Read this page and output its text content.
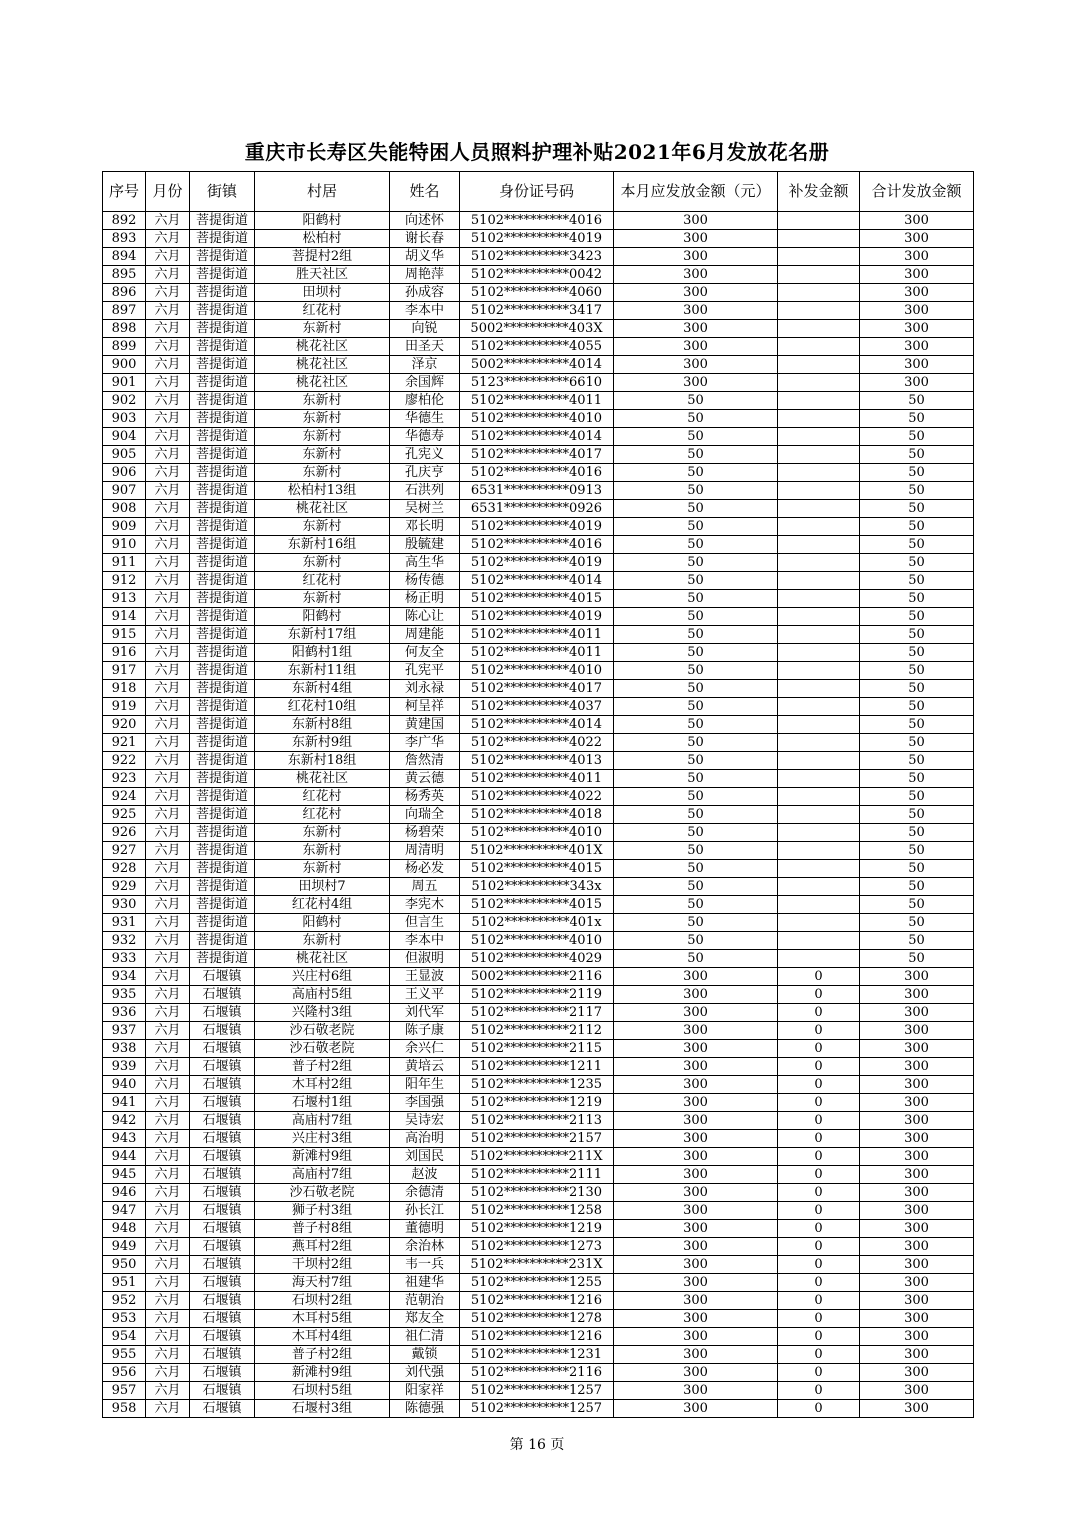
重庆市长寿区失能特困人员照料护理补贴2021年6月发放花名册
序号	月份	街镇	村居	姓名	身份证号码	本月应发放金额（元）	补发金额	合计发放金额
892	六月	菩提街道	阳鹤村	向述怀	5102**********4016	300		300
893	六月	菩提街道	松柏村	谢长春	5102**********4019	300		300
894	六月	菩提街道	菩提村2组	胡义华	5102**********3423	300		300
895	六月	菩提街道	胜天社区	周艳萍	5102**********0042	300		300
896	六月	菩提街道	田坝村	孙成容	5102**********4060	300		300
897	六月	菩提街道	红花村	李本中	5102**********3417	300		300
898	六月	菩提街道	东新村	向锐	5002**********403X	300		300
899	六月	菩提街道	桃花社区	田圣天	5102**********4055	300		300
900	六月	菩提街道	桃花社区	泽京	5002**********4014	300		300
901	六月	菩提街道	桃花社区	余国辉	5123**********6610	300		300
902	六月	菩提街道	东新村	廖柏伦	5102**********4011	50		50
903	六月	菩提街道	东新村	华德生	5102**********4010	50		50
904	六月	菩提街道	东新村	华德寿	5102**********4014	50		50
905	六月	菩提街道	东新村	孔宪义	5102**********4017	50		50
906	六月	菩提街道	东新村	孔庆亨	5102**********4016	50		50
907	六月	菩提街道	松柏村13组	石洪列	6531**********0913	50		50
908	六月	菩提街道	桃花社区	吴树兰	6531**********0926	50		50
909	六月	菩提街道	东新村	邓长明	5102**********4019	50		50
910	六月	菩提街道	东新村16组	殷毓建	5102**********4016	50		50
911	六月	菩提街道	东新村	高生华	5102**********4019	50		50
912	六月	菩提街道	红花村	杨传德	5102**********4014	50		50
913	六月	菩提街道	东新村	杨正明	5102**********4015	50		50
914	六月	菩提街道	阳鹤村	陈心让	5102**********4019	50		50
915	六月	菩提街道	东新村17组	周建能	5102**********4011	50		50
916	六月	菩提街道	阳鹤村1组	何友全	5102**********4011	50		50
917	六月	菩提街道	东新村11组	孔宪平	5102**********4010	50		50
918	六月	菩提街道	东新村4组	刘永禄	5102**********4017	50		50
919	六月	菩提街道	红花村10组	柯呈祥	5102**********4037	50		50
920	六月	菩提街道	东新村8组	黄建国	5102**********4014	50		50
921	六月	菩提街道	东新村9组	李广华	5102**********4022	50		50
922	六月	菩提街道	东新村18组	詹然清	5102**********4013	50		50
923	六月	菩提街道	桃花社区	黄云德	5102**********4011	50		50
924	六月	菩提街道	红花村	杨秀英	5102**********4022	50		50
925	六月	菩提街道	红花村	向瑞全	5102**********4018	50		50
926	六月	菩提街道	东新村	杨碧荣	5102**********4010	50		50
927	六月	菩提街道	东新村	周清明	5102**********401X	50		50
928	六月	菩提街道	东新村	杨必发	5102**********4015	50		50
929	六月	菩提街道	田坝村7	周五	5102**********343x	50		50
930	六月	菩提街道	红花村4组	李宪木	5102**********4015	50		50
931	六月	菩提街道	阳鹤村	但言生	5102**********401x	50		50
932	六月	菩提街道	东新村	李本中	5102**********4010	50		50
933	六月	菩提街道	桃花社区	但淑明	5102**********4029	50		50
934	六月	石堰镇	兴庄村6组	王显波	5002**********2116	300	0	300
935	六月	石堰镇	高庙村5组	王义平	5102**********2119	300	0	300
936	六月	石堰镇	兴隆村3组	刘代军	5102**********2117	300	0	300
937	六月	石堰镇	沙石敬老院	陈子康	5102**********2112	300	0	300
938	六月	石堰镇	沙石敬老院	余兴仁	5102**********2115	300	0	300
939	六月	石堰镇	普子村2组	黄培云	5102**********1211	300	0	300
940	六月	石堰镇	木耳村2组	阳年生	5102**********1235	300	0	300
941	六月	石堰镇	石堰村1组	李国强	5102**********1219	300	0	300
942	六月	石堰镇	高庙村7组	吴诗宏	5102**********2113	300	0	300
943	六月	石堰镇	兴庄村3组	高治明	5102**********2157	300	0	300
944	六月	石堰镇	新滩村9组	刘国民	5102**********211X	300	0	300
945	六月	石堰镇	高庙村7组	赵波	5102**********2111	300	0	300
946	六月	石堰镇	沙石敬老院	余德清	5102**********2130	300	0	300
947	六月	石堰镇	狮子村3组	孙长江	5102**********1258	300	0	300
948	六月	石堰镇	普子村8组	董德明	5102**********1219	300	0	300
949	六月	石堰镇	燕耳村2组	余治林	5102**********1273	300	0	300
950	六月	石堰镇	干坝村2组	韦一兵	5102**********231X	300	0	300
951	六月	石堰镇	海天村7组	祖建华	5102**********1255	300	0	300
952	六月	石堰镇	石坝村2组	范朝治	5102**********1216	300	0	300
953	六月	石堰镇	木耳村5组	郑友全	5102**********1278	300	0	300
954	六月	石堰镇	木耳村4组	祖仁清	5102**********1216	300	0	300
955	六月	石堰镇	普子村2组	戴锁	5102**********1231	300	0	300
956	六月	石堰镇	新滩村9组	刘代强	5102**********2116	300	0	300
957	六月	石堰镇	石坝村5组	阳家祥	5102**********1257	300	0	300
958	六月	石堰镇	石堰村3组	陈德强	5102**********1257	300	0	300
第 16 页
